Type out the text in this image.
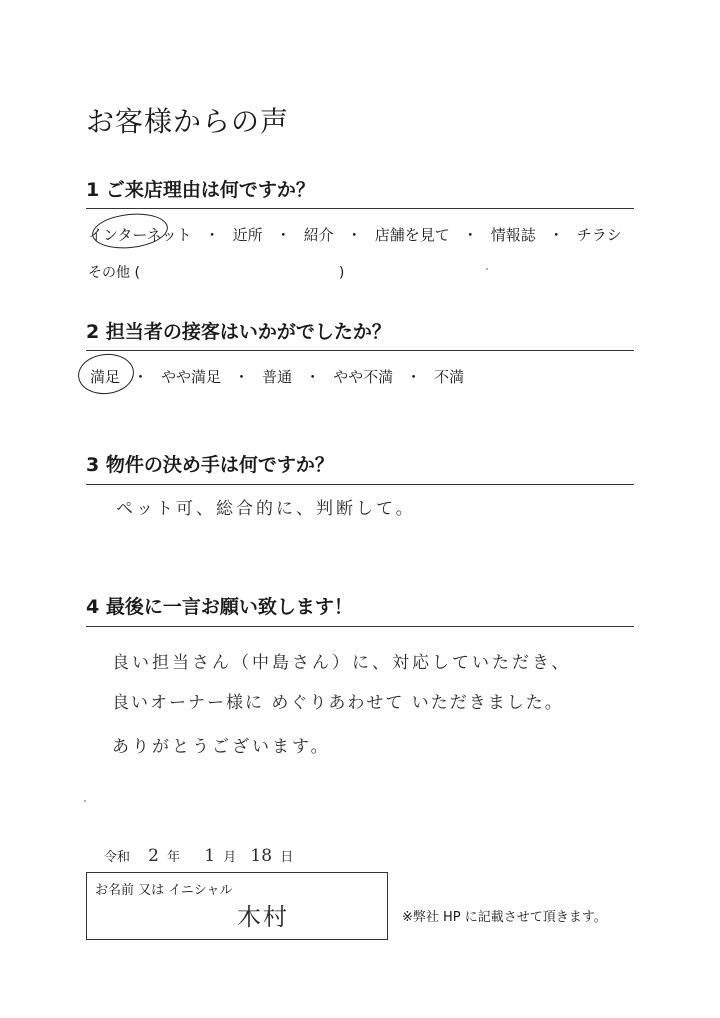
お客様からの声
1 ご来店理由は何ですか？
インターネット ・ 近所 ・ 紹介 ・ 店舗を見て ・ 情報誌 ・ チラシ
その他 (	)
2 担当者の接客はいかがでしたか？
満足 ・ やや満足 ・ 普通 ・ やや不満 ・ 不満
3 物件の決め手は何ですか？
ペット可、総合的に、判断して。
4 最後に一言お願い致します！
良い担当さん（中島さん）に、対応していただき、
良いオーナー様に めぐりあわせて いただきました。
ありがとうございます。
令和 2 年 1 月 18 日
お名前 又は イニシャル
木村	※弊社 HP に記載させて頂きます。
